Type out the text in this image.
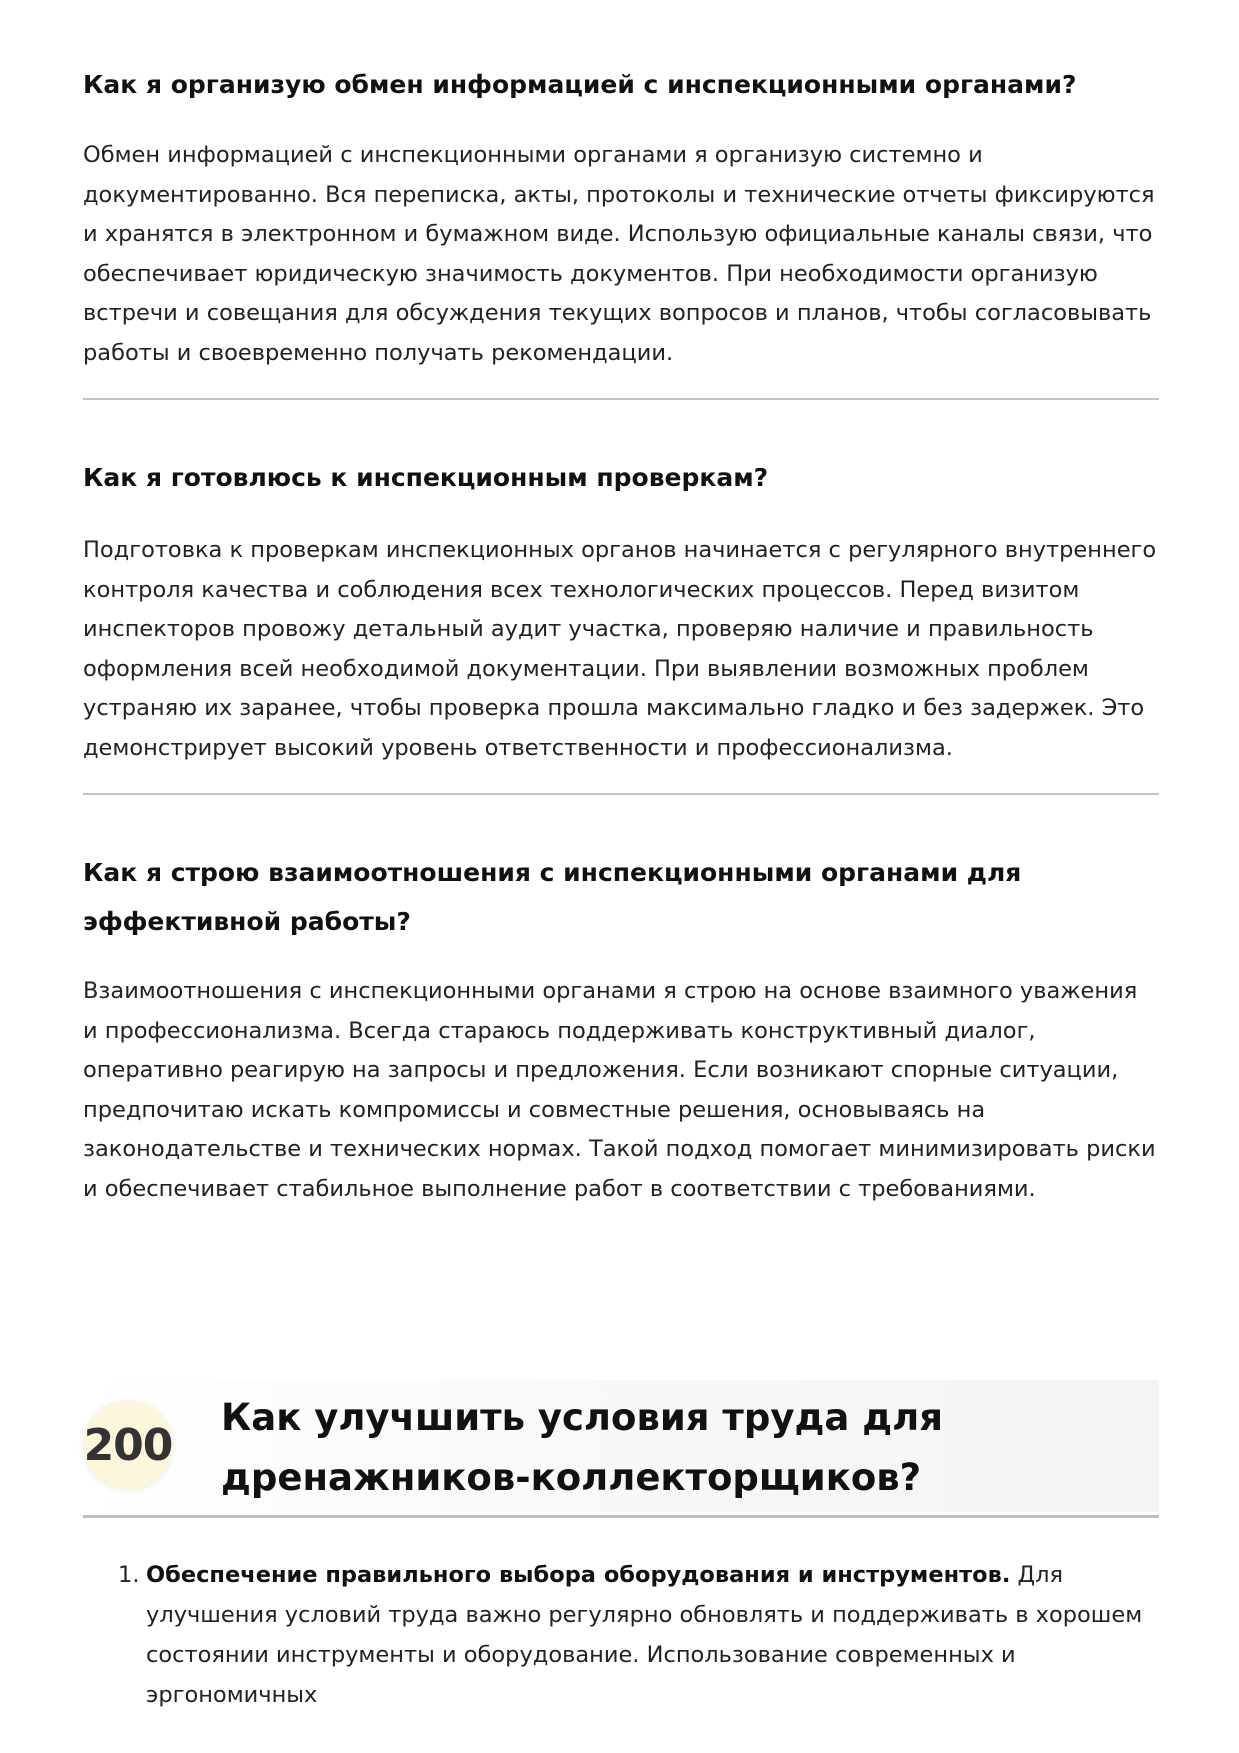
Как я организую обмен информацией с инспекционными органами?

Обмен информацией с инспекционными органами я организую системно и документированно. Вся переписка, акты, протоколы и технические отчеты фиксируются и хранятся в электронном и бумажном виде. Использую официальные каналы связи, что обеспечивает юридическую значимость документов. При необходимости организую встречи и совещания для обсуждения текущих вопросов и планов, чтобы согласовывать работы и своевременно получать рекомендации.

Как я готовлюсь к инспекционным проверкам?

Подготовка к проверкам инспекционных органов начинается с регулярного внутреннего контроля качества и соблюдения всех технологических процессов. Перед визитом инспекторов провожу детальный аудит участка, проверяю наличие и правильность оформления всей необходимой документации. При выявлении возможных проблем устраняю их заранее, чтобы проверка прошла максимально гладко и без задержек. Это демонстрирует высокий уровень ответственности и профессионализма.

Как я строю взаимоотношения с инспекционными органами для эффективной работы?

Взаимоотношения с инспекционными органами я строю на основе взаимного уважения и профессионализма. Всегда стараюсь поддерживать конструктивный диалог, оперативно реагирую на запросы и предложения. Если возникают спорные ситуации, предпочитаю искать компромиссы и совместные решения, основываясь на законодательстве и технических нормах. Такой подход помогает минимизировать риски и обеспечивает стабильное выполнение работ в соответствии с требованиями.

200
Как улучшить условия труда для дренажников-коллекторщиков?
1. Обеспечение правильного выбора оборудования и инструментов. Для улучшения условий труда важно регулярно обновлять и поддерживать в хорошем состоянии инструменты и оборудование. Использование современных и эргономичных
